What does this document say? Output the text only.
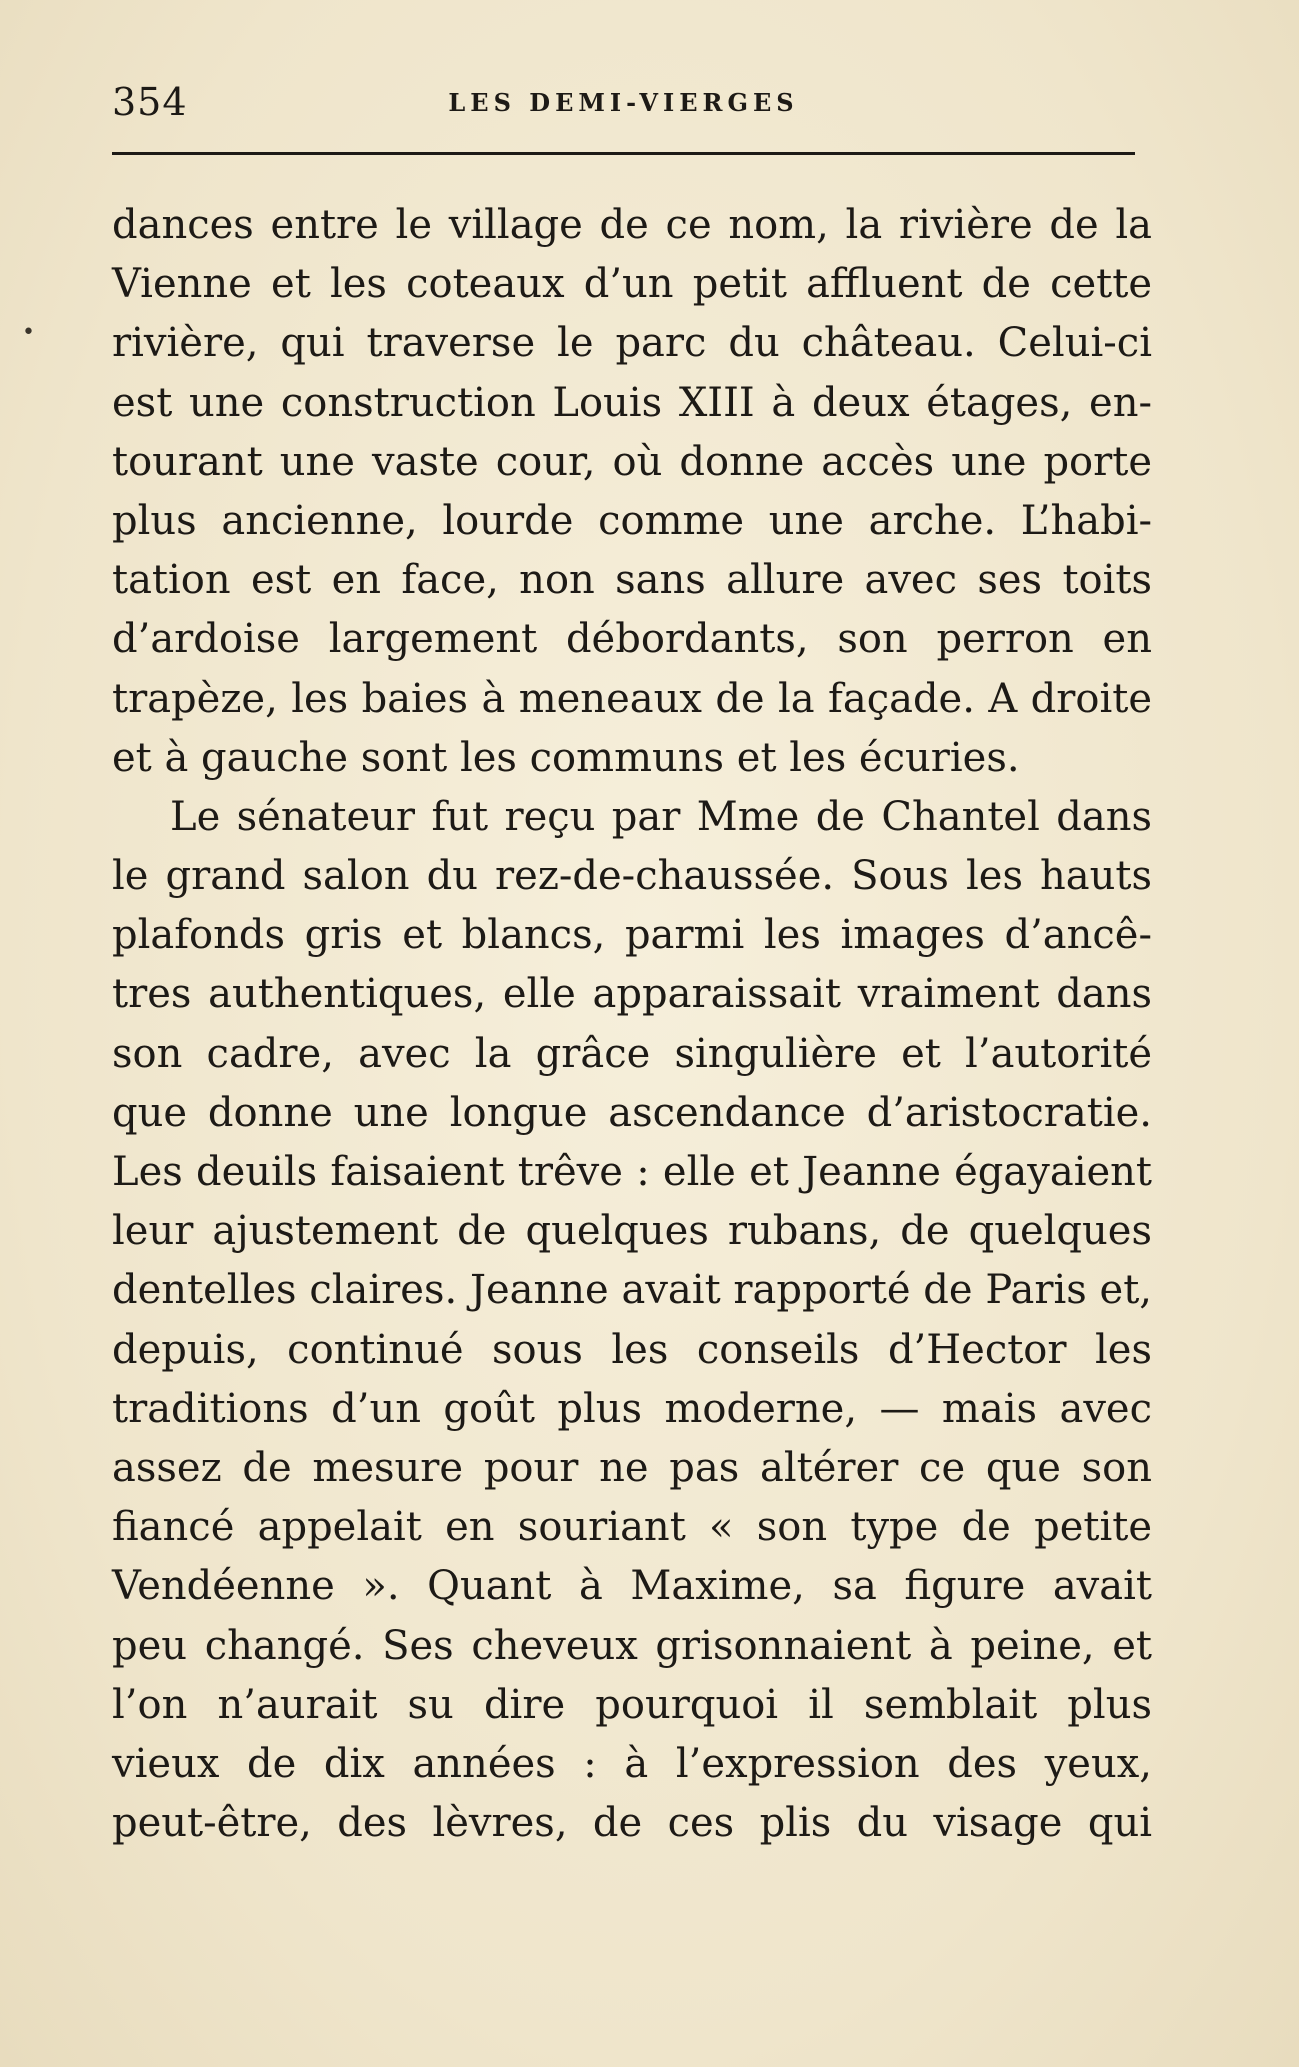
354	LES DEMI-VIERGES
•
dances entre le village de ce nom, la rivière de la
Vienne et les coteaux d’un petit affluent de cette
rivière, qui traverse le parc du château. Celui-ci
est une construction Louis XIII à deux étages, en-
tourant une vaste cour, où donne accès une porte
plus ancienne, lourde comme une arche. L’habi-
tation est en face, non sans allure avec ses toits
d’ardoise largement débordants, son perron en
trapèze, les baies à meneaux de la façade. A droite
et à gauche sont les communs et les écuries.
Le sénateur fut reçu par Mme de Chantel dans
le grand salon du rez-de-chaussée. Sous les hauts
plafonds gris et blancs, parmi les images d’ancê-
tres authentiques, elle apparaissait vraiment dans
son cadre, avec la grâce singulière et l’autorité
que donne une longue ascendance d’aristocratie.
Les deuils faisaient trêve : elle et Jeanne égayaient
leur ajustement de quelques rubans, de quelques
dentelles claires. Jeanne avait rapporté de Paris et,
depuis, continué sous les conseils d’Hector les
traditions d’un goût plus moderne, — mais avec
assez de mesure pour ne pas altérer ce que son
fiancé appelait en souriant « son type de petite
Vendéenne ». Quant à Maxime, sa figure avait
peu changé. Ses cheveux grisonnaient à peine, et
l’on n’aurait su dire pourquoi il semblait plus
vieux de dix années : à l’expression des yeux,
peut-être, des lèvres, de ces plis du visage qui
